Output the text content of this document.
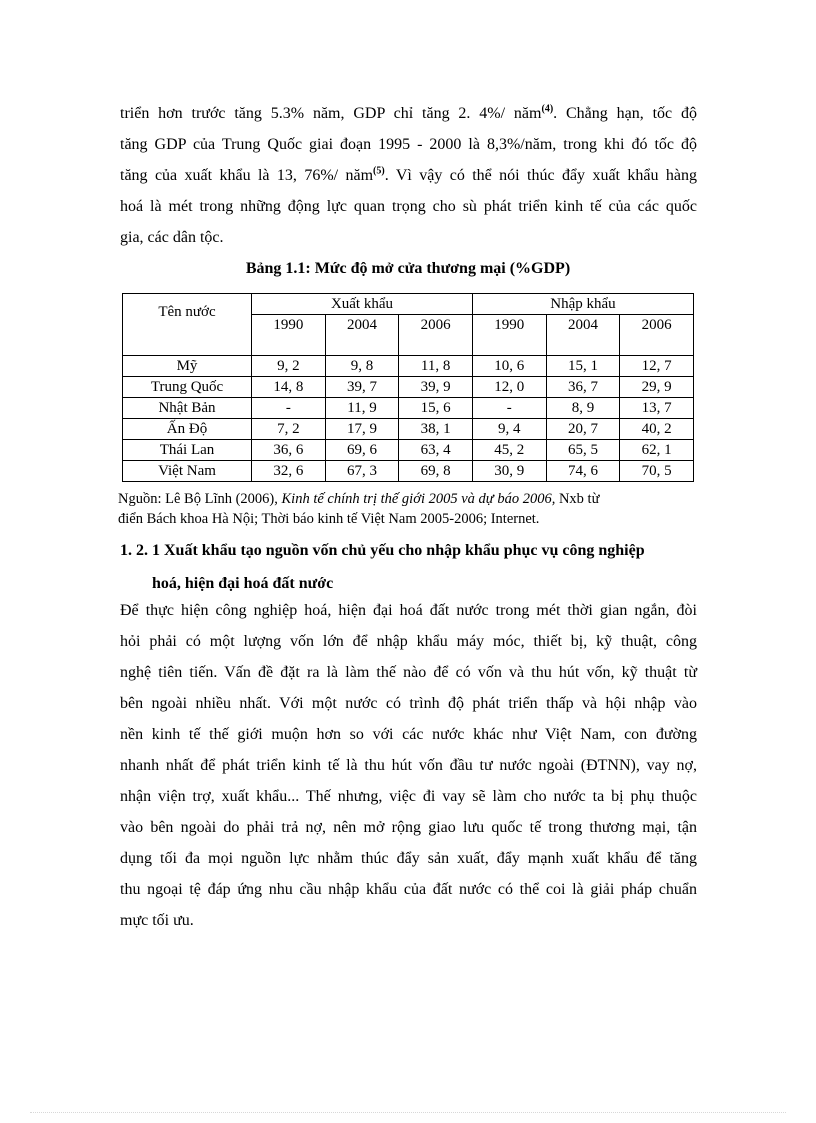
triển hơn trước tăng 5.3% năm, GDP chỉ tăng 2. 4%/ năm$^{(4)}$. Chẳng hạn, tốc độ
tăng GDP của Trung Quốc giai đoạn 1995 - 2000 là 8,3%/năm, trong khi đó tốc độ
tăng của xuất khẩu là 13, 76%/ năm$^{(5)}$. Vì vậy có thể nói thúc đẩy xuất khẩu hàng
hoá là mét trong những động lực quan trọng cho sù phát triển kinh tế của các quốc
gia, các dân tộc.

Bảng 1.1: Mức độ mở cửa thương mại (%GDP)

Tên nước	Xuất khẩu			Nhập khẩu		
	1990	2004	2006	1990	2004	2006
Mỹ	9, 2	9, 8	11, 8	10, 6	15, 1	12, 7
Trung Quốc	14, 8	39, 7	39, 9	12, 0	36, 7	29, 9
Nhật Bản	-	11, 9	15, 6	-	8, 9	13, 7
Ấn Độ	7, 2	17, 9	38, 1	9, 4	20, 7	40, 2
Thái Lan	36, 6	69, 6	63, 4	45, 2	65, 5	62, 1
Việt Nam	32, 6	67, 3	69, 8	30, 9	74, 6	70, 5

Nguồn: Lê Bộ Lĩnh (2006), Kinh tế chính trị thế giới 2005 và dự báo 2006, Nxb từ
điển Bách khoa Hà Nội; Thời báo kinh tế Việt Nam 2005-2006; Internet.

1. 2. 1 Xuất khẩu tạo nguồn vốn chủ yếu cho nhập khẩu phục vụ công nghiệp
hoá, hiện đại hoá đất nước

Để thực hiện công nghiệp hoá, hiện đại hoá đất nước trong mét thời gian ngắn, đòi
hỏi phải có một lượng vốn lớn để nhập khẩu máy móc, thiết bị, kỹ thuật, công
nghệ tiên tiến. Vấn đề đặt ra là làm thế nào để có vốn và thu hút vốn, kỹ thuật từ
bên ngoài nhiều nhất. Với một nước có trình độ phát triển thấp và hội nhập vào
nền kinh tế thế giới muộn hơn so với các nước khác như Việt Nam, con đường
nhanh nhất để phát triển kinh tế là thu hút vốn đầu tư nước ngoài (ĐTNN), vay nợ,
nhận viện trợ, xuất khẩu... Thế nhưng, việc đi vay sẽ làm cho nước ta bị phụ thuộc
vào bên ngoài do phải trả nợ, nên mở rộng giao lưu quốc tế trong thương mại, tận
dụng tối đa mọi nguồn lực nhằm thúc đẩy sản xuất, đẩy mạnh xuất khẩu để tăng
thu ngoại tệ đáp ứng nhu cầu nhập khẩu của đất nước có thể coi là giải pháp chuẩn
mực tối ưu.
